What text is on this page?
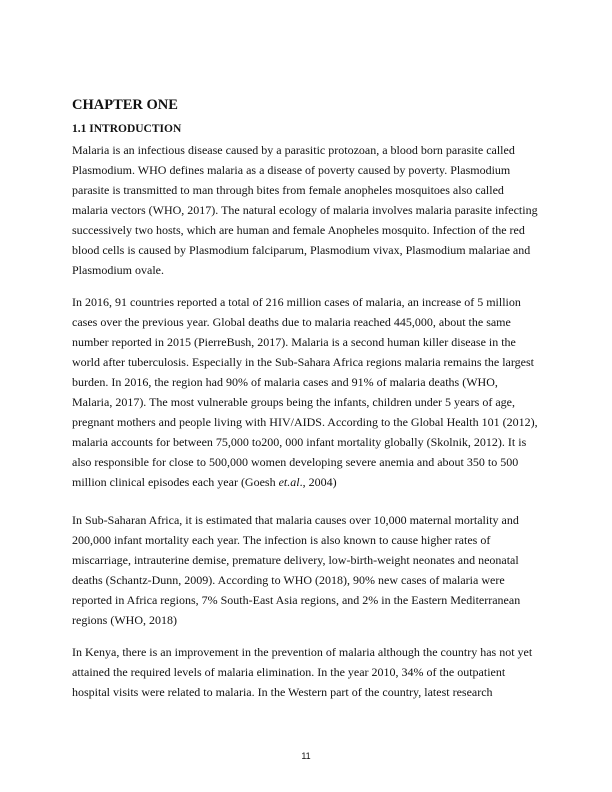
CHAPTER ONE
1.1 INTRODUCTION
Malaria is an infectious disease caused by a parasitic protozoan, a blood born parasite called
Plasmodium. WHO defines malaria as a disease of poverty caused by poverty. Plasmodium
parasite is transmitted to man through bites from female anopheles mosquitoes also called
malaria vectors (WHO, 2017). The natural ecology of malaria involves malaria parasite infecting
successively two hosts, which are human and female Anopheles mosquito. Infection of the red
blood cells is caused by Plasmodium falciparum, Plasmodium vivax, Plasmodium malariae and
Plasmodium ovale.
In 2016, 91 countries reported a total of 216 million cases of malaria, an increase of 5 million
cases over the previous year. Global deaths due to malaria reached 445,000, about the same
number reported in 2015 (PierreBush, 2017). Malaria is a second human killer disease in the
world after tuberculosis. Especially in the Sub-Sahara Africa regions malaria remains the largest
burden. In 2016, the region had 90% of malaria cases and 91% of malaria deaths (WHO,
Malaria, 2017). The most vulnerable groups being the infants, children under 5 years of age,
pregnant mothers and people living with HIV/AIDS. According to the Global Health 101 (2012),
malaria accounts for between 75,000 to200, 000 infant mortality globally (Skolnik, 2012). It is
also responsible for close to 500,000 women developing severe anemia and about 350 to 500
million clinical episodes each year (Goesh et.al., 2004)
In Sub-Saharan Africa, it is estimated that malaria causes over 10,000 maternal mortality and
200,000 infant mortality each year. The infection is also known to cause higher rates of
miscarriage, intrauterine demise, premature delivery, low-birth-weight neonates and neonatal
deaths (Schantz-Dunn, 2009). According to WHO (2018), 90% new cases of malaria were
reported in Africa regions, 7% South-East Asia regions, and 2% in the Eastern Mediterranean
regions (WHO, 2018)
In Kenya, there is an improvement in the prevention of malaria although the country has not yet
attained the required levels of malaria elimination. In the year 2010, 34% of the outpatient
hospital visits were related to malaria. In the Western part of the country, latest research
11
